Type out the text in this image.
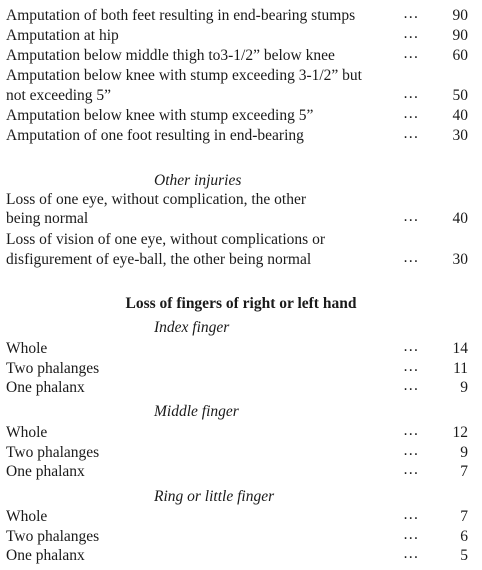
Amputation of both feet resulting in end-bearing stumps	… 90
Amputation at hip	… 90
Amputation below middle thigh to3-1/2” below knee	… 60
Amputation below knee with stump exceeding 3-1/2” but
not exceeding 5”	… 50
Amputation below knee with stump exceeding 5”	… 40
Amputation of one foot resulting in end-bearing	… 30
Other injuries
Loss of one eye, without complication, the other
being normal	… 40
Loss of vision of one eye, without complications or
disfigurement of eye-ball, the other being normal	… 30
Loss of fingers of right or left hand
Index finger
Whole	… 14
Two phalanges	… 11
One phalanx	…	9
Middle finger
Whole	… 12
Two phalanges	…	9
One phalanx	…	7
Ring or little finger
Whole	…	7
Two phalanges	…	6
One phalanx	…	5
